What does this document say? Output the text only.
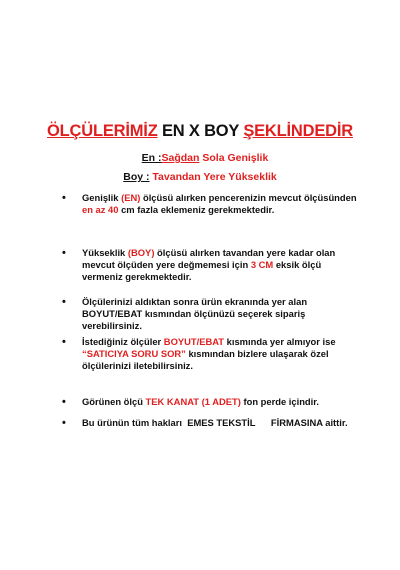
ÖLÇÜLERİMİZ EN X BOY ŞEKLİNDEDİR
En :Sağdan Sola Genişlik
Boy : Tavandan Yere Yükseklik
• Genişlik (EN) ölçüsü alırken pencerenizin mevcut ölçüsünden en az 40 cm fazla eklemeniz gerekmektedir.
• Yükseklik (BOY) ölçüsü alırken tavandan yere kadar olan mevcut ölçüden yere değmemesi için 3 CM eksik ölçü vermeniz gerekmektedir.
• Ölçülerinizi aldıktan sonra ürün ekranında yer alan BOYUT/EBAT kısmından ölçünüzü seçerek sipariş verebilirsiniz.
• İstediğiniz ölçüler BOYUT/EBAT kısmında yer almıyor ise “SATICIYA SORU SOR” kısmından bizlere ulaşarak özel ölçülerinizi iletebilirsiniz.
• Görünen ölçü TEK KANAT (1 ADET) fon perde içindir.
• Bu ürünün tüm hakları  EMES TEKSTİL      FİRMASINA aittir.
